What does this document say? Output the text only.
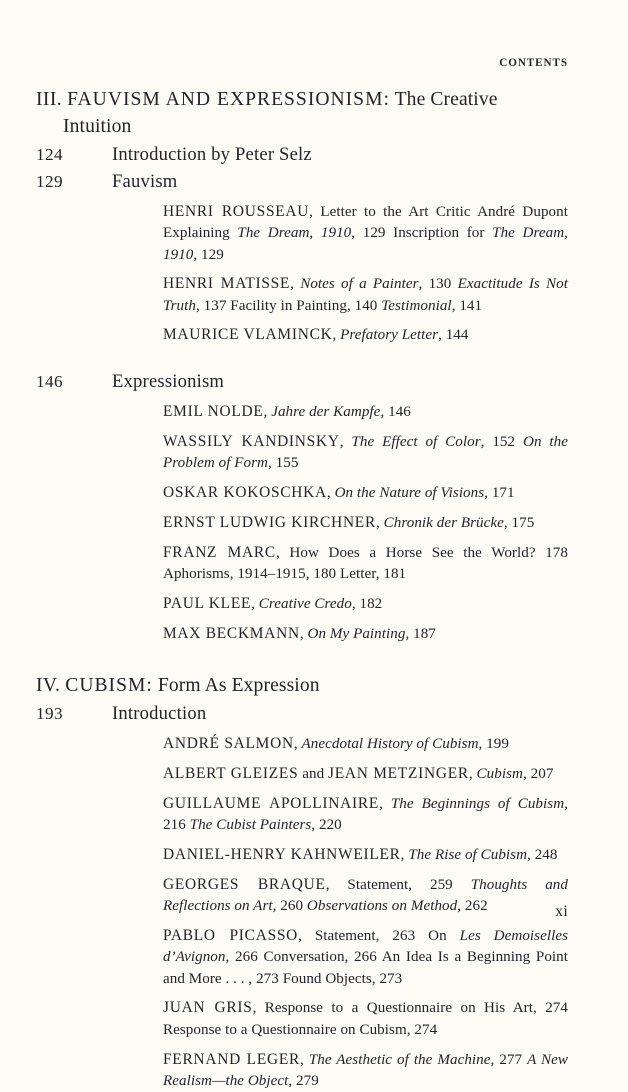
CONTENTS
III. FAUVISM AND EXPRESSIONISM: The Creative
Intuition
124	Introduction by Peter Selz
129	Fauvism
HENRI ROUSSEAU, Letter to the Art Critic André Dupont Explaining The Dream, 1910, 129 Inscription for The Dream, 1910, 129
HENRI MATISSE, Notes of a Painter, 130 Exactitude Is Not Truth, 137 Facility in Painting, 140 Testimonial, 141
MAURICE VLAMINCK, Prefatory Letter, 144
146	Expressionism
EMIL NOLDE, Jahre der Kampfe, 146
WASSILY KANDINSKY, The Effect of Color, 152 On the Problem of Form, 155
OSKAR KOKOSCHKA, On the Nature of Visions, 171
ERNST LUDWIG KIRCHNER, Chronik der Brücke, 175
FRANZ MARC, How Does a Horse See the World? 178 Aphorisms, 1914–1915, 180 Letter, 181
PAUL KLEE, Creative Credo, 182
MAX BECKMANN, On My Painting, 187
IV. CUBISM: Form As Expression
193	Introduction
ANDRÉ SALMON, Anecdotal History of Cubism, 199
ALBERT GLEIZES and JEAN METZINGER, Cubism, 207
GUILLAUME APOLLINAIRE, The Beginnings of Cubism, 216 The Cubist Painters, 220
DANIEL-HENRY KAHNWEILER, The Rise of Cubism, 248
GEORGES BRAQUE, Statement, 259 Thoughts and Reflections on Art, 260 Observations on Method, 262
PABLO PICASSO, Statement, 263 On Les Demoiselles d’Avignon, 266 Conversation, 266 An Idea Is a Beginning Point and More . . . , 273 Found Objects, 273
JUAN GRIS, Response to a Questionnaire on His Art, 274 Response to a Questionnaire on Cubism, 274
FERNAND LEGER, The Aesthetic of the Machine, 277 A New Realism—the Object, 279
xi
